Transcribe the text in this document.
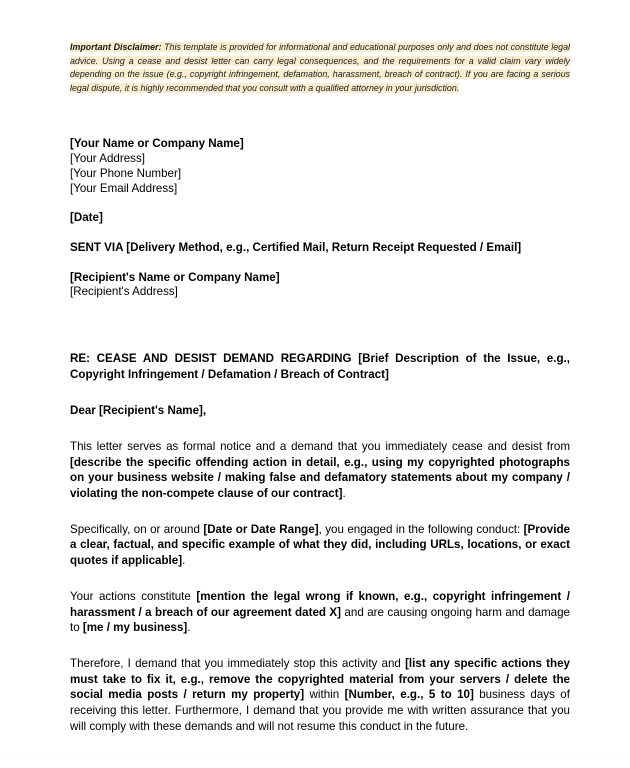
Important Disclaimer: This template is provided for informational and educational purposes only and does not constitute legal advice. Using a cease and desist letter can carry legal consequences, and the requirements for a valid claim vary widely depending on the issue (e.g., copyright infringement, defamation, harassment, breach of contract). If you are facing a serious legal dispute, it is highly recommended that you consult with a qualified attorney in your jurisdiction.

[Your Name or Company Name]
[Your Address]
[Your Phone Number]
[Your Email Address]
[Date]
SENT VIA [Delivery Method, e.g., Certified Mail, Return Receipt Requested / Email]
[Recipient's Name or Company Name]
[Recipient's Address]

RE: CEASE AND DESIST DEMAND REGARDING [Brief Description of the Issue, e.g., Copyright Infringement / Defamation / Breach of Contract]

Dear [Recipient's Name],

This letter serves as formal notice and a demand that you immediately cease and desist from [describe the specific offending action in detail, e.g., using my copyrighted photographs on your business website / making false and defamatory statements about my company / violating the non-compete clause of our contract].

Specifically, on or around [Date or Date Range], you engaged in the following conduct: [Provide a clear, factual, and specific example of what they did, including URLs, locations, or exact quotes if applicable].

Your actions constitute [mention the legal wrong if known, e.g., copyright infringement / harassment / a breach of our agreement dated X] and are causing ongoing harm and damage to [me / my business].

Therefore, I demand that you immediately stop this activity and [list any specific actions they must take to fix it, e.g., remove the copyrighted material from your servers / delete the social media posts / return my property] within [Number, e.g., 5 to 10] business days of receiving this letter. Furthermore, I demand that you provide me with written assurance that you will comply with these demands and will not resume this conduct in the future.
